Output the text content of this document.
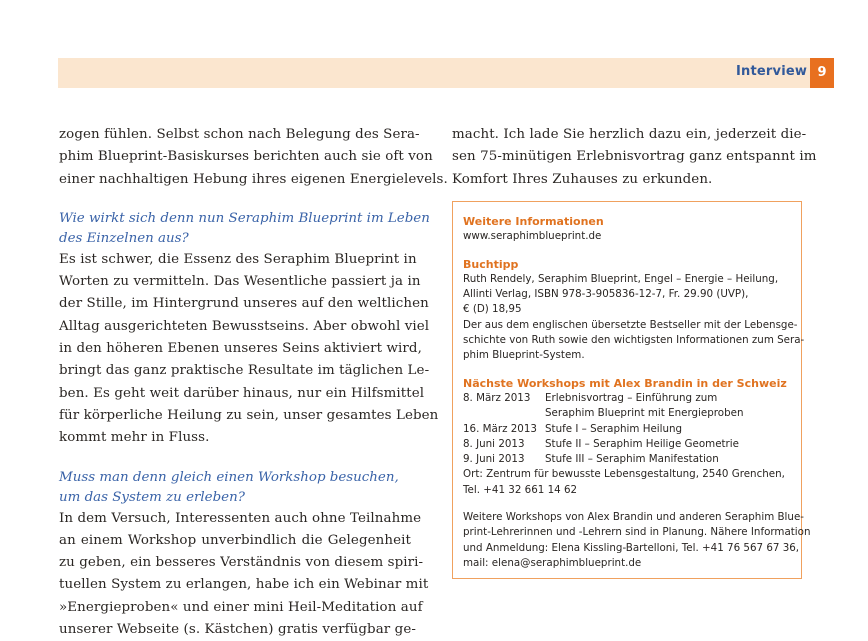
Interview 9

zogen fühlen. Selbst schon nach Belegung des Sera-
phim Blueprint-Basiskurses berichten auch sie oft von
einer nachhaltigen Hebung ihres eigenen Energielevels.

Wie wirkt sich denn nun Seraphim Blueprint im Leben
des Einzelnen aus?

Es ist schwer, die Essenz des Seraphim Blueprint in
Worten zu vermitteln. Das Wesentliche passiert ja in
der Stille, im Hintergrund unseres auf den weltlichen
Alltag ausgerichteten Bewusstseins. Aber obwohl viel
in den höheren Ebenen unseres Seins aktiviert wird,
bringt das ganz praktische Resultate im täglichen Le-
ben. Es geht weit darüber hinaus, nur ein Hilfsmittel
für körperliche Heilung zu sein, unser gesamtes Leben
kommt mehr in Fluss.

Muss man denn gleich einen Workshop besuchen,
um das System zu erleben?

In dem Versuch, Interessenten auch ohne Teilnahme
an einem Workshop unverbindlich die Gelegenheit
zu geben, ein besseres Verständnis von diesem spiri-
tuellen System zu erlangen, habe ich ein Webinar mit
»Energieproben« und einer mini Heil-Meditation auf
unserer Webseite (s. Kästchen) gratis verfügbar ge-

macht. Ich lade Sie herzlich dazu ein, jederzeit die-
sen 75-minütigen Erlebnisvortrag ganz entspannt im
Komfort Ihres Zuhauses zu erkunden.

Weitere Informationen
www.seraphimblueprint.de
Buchtipp
Ruth Rendely, Seraphim Blueprint, Engel – Energie – Heilung,
Allinti Verlag, ISBN 978-3-905836-12-7, Fr. 29.90 (UVP),
€ (D) 18,95
Der aus dem englischen übersetzte Bestseller mit der Lebensge-
schichte von Ruth sowie den wichtigsten Informationen zum Sera-
phim Blueprint-System.
Nächste Workshops mit Alex Brandin in der Schweiz
8. März 2013 Erlebnisvortrag – Einführung zum
Seraphim Blueprint mit Energieproben
16. März 2013 Stufe I – Seraphim Heilung
8. Juni 2013 Stufe II – Seraphim Heilige Geometrie
9. Juni 2013 Stufe III – Seraphim Manifestation
Ort: Zentrum für bewusste Lebensgestaltung, 2540 Grenchen,
Tel. +41 32 661 14 62
Weitere Workshops von Alex Brandin und anderen Seraphim Blue-
print-Lehrerinnen und -Lehrern sind in Planung. Nähere Information
und Anmeldung: Elena Kissling-Bartelloni, Tel. +41 76 567 67 36,
mail: elena@seraphimblueprint.de
